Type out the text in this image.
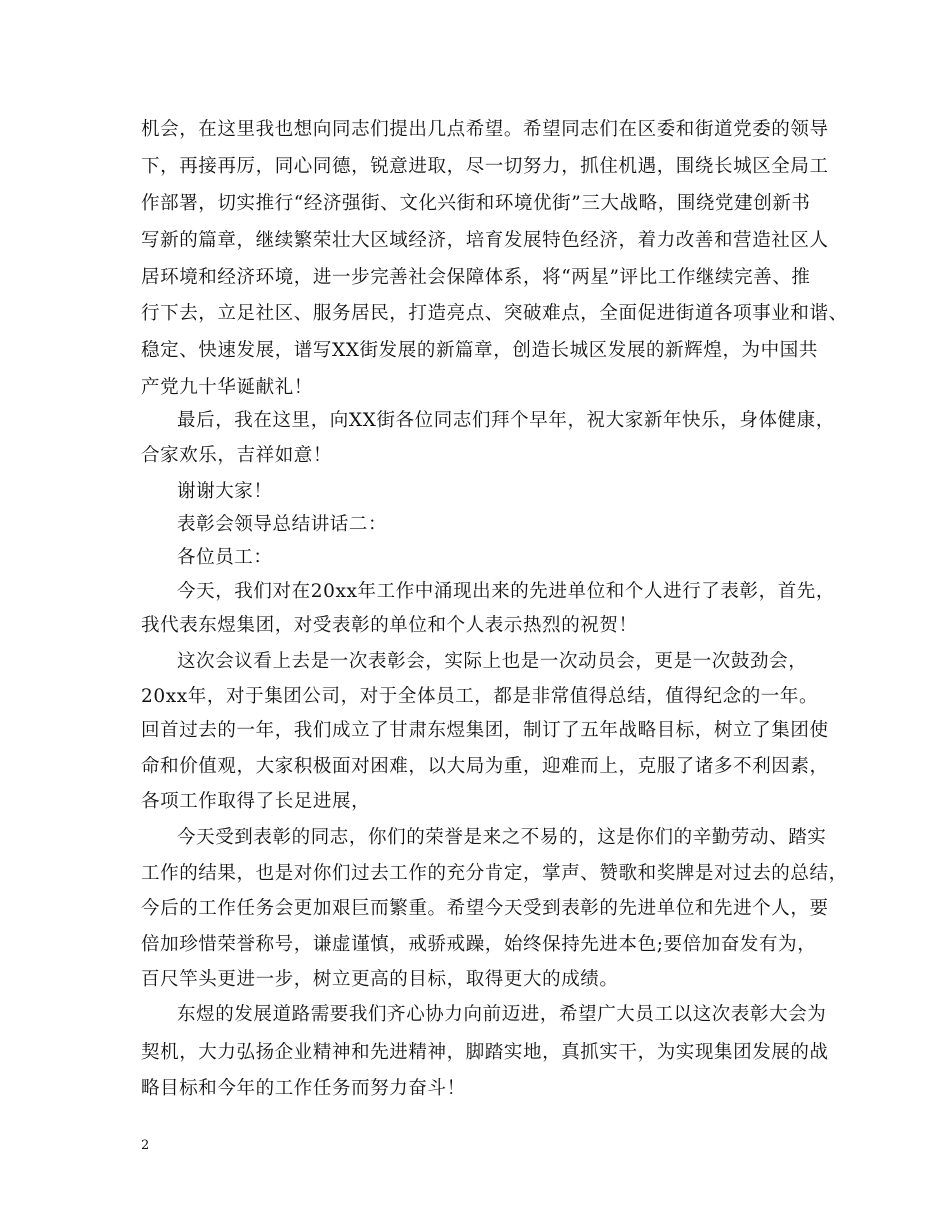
机会，在这里我也想向同志们提出几点希望。希望同志们在区委和街道党委的领导
下，再接再厉，同心同德，锐意进取，尽一切努力，抓住机遇，围绕长城区全局工
作部署，切实推行“经济强街、文化兴街和环境优街”三大战略，围绕党建创新书
写新的篇章，继续繁荣壮大区域经济，培育发展特色经济，着力改善和营造社区人
居环境和经济环境，进一步完善社会保障体系，将“两星”评比工作继续完善、推
行下去，立足社区、服务居民，打造亮点、突破难点，全面促进街道各项事业和谐、
稳定、快速发展，谱写XX街发展的新篇章，创造长城区发展的新辉煌，为中国共
产党九十华诞献礼！
最后，我在这里，向XX街各位同志们拜个早年，祝大家新年快乐，身体健康，
合家欢乐，吉祥如意！
谢谢大家！
表彰会领导总结讲话二：
各位员工：
今天，我们对在20xx年工作中涌现出来的先进单位和个人进行了表彰，首先，
我代表东煜集团，对受表彰的单位和个人表示热烈的祝贺！
这次会议看上去是一次表彰会，实际上也是一次动员会，更是一次鼓劲会，
20xx年，对于集团公司，对于全体员工，都是非常值得总结，值得纪念的一年。
回首过去的一年，我们成立了甘肃东煜集团，制订了五年战略目标，树立了集团使
命和价值观，大家积极面对困难，以大局为重，迎难而上，克服了诸多不利因素，
各项工作取得了长足进展，
今天受到表彰的同志，你们的荣誉是来之不易的，这是你们的辛勤劳动、踏实
工作的结果，也是对你们过去工作的充分肯定，掌声、赞歌和奖牌是对过去的总结，
今后的工作任务会更加艰巨而繁重。希望今天受到表彰的先进单位和先进个人，要
倍加珍惜荣誉称号，谦虚谨慎，戒骄戒躁，始终保持先进本色;要倍加奋发有为，
百尺竿头更进一步，树立更高的目标，取得更大的成绩。
东煜的发展道路需要我们齐心协力向前迈进，希望广大员工以这次表彰大会为
契机，大力弘扬企业精神和先进精神，脚踏实地，真抓实干，为实现集团发展的战
略目标和今年的工作任务而努力奋斗！
2
